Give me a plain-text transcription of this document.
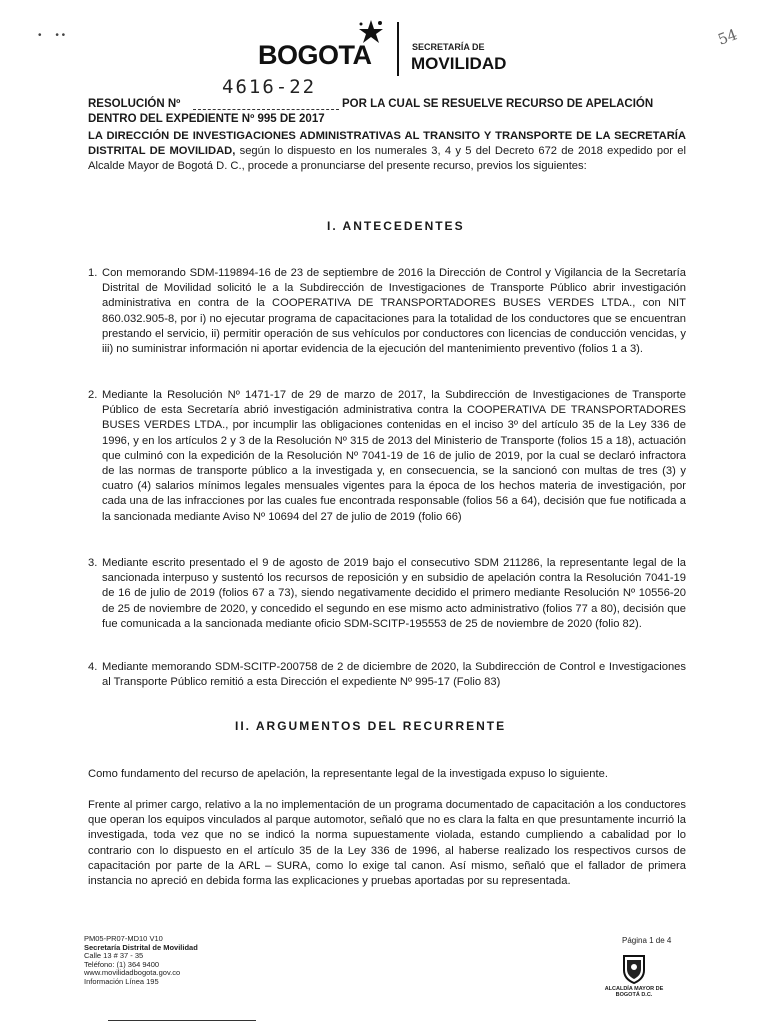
•     • •	54
BOGOTA	SECRETARÍA DE
MOVILIDAD
4616-22
RESOLUCIÓN Nº	POR LA CUAL SE RESUELVE RECURSO DE APELACIÓN
DENTRO DEL EXPEDIENTE Nº 995 DE 2017

LA DIRECCIÓN DE INVESTIGACIONES ADMINISTRATIVAS AL TRANSITO Y TRANSPORTE DE LA SECRETARÍA DISTRITAL DE MOVILIDAD, según lo dispuesto en los numerales 3, 4 y 5 del Decreto 672 de 2018 expedido por el Alcalde Mayor de Bogotá D. C., procede a pronunciarse del presente recurso, previos los siguientes:

I. ANTECEDENTES
1. Con memorando SDM-119894-16 de 23 de septiembre de 2016 la Dirección de Control y Vigilancia de la Secretaría Distrital de Movilidad solicitó le a la Subdirección de Investigaciones de Transporte Público abrir investigación administrativa en contra de la COOPERATIVA DE TRANSPORTADORES BUSES VERDES LTDA., con NIT 860.032.905-8, por i) no ejecutar programa de capacitaciones para la totalidad de los conductores que se encuentran prestando el servicio, ii) permitir operación de sus vehículos por conductores con licencias de conducción vencidas, y iii) no suministrar información ni aportar evidencia de la ejecución del mantenimiento preventivo (folios 1 a 3).
2. Mediante la Resolución Nº 1471-17 de 29 de marzo de 2017, la Subdirección de Investigaciones de Transporte Público de esta Secretaría abrió investigación administrativa contra la COOPERATIVA DE TRANSPORTADORES BUSES VERDES LTDA., por incumplir las obligaciones contenidas en el inciso 3º del artículo 35 de la Ley 336 de 1996, y en los artículos 2 y 3 de la Resolución Nº 315 de 2013 del Ministerio de Transporte (folios 15 a 18), actuación que culminó con la expedición de la Resolución Nº 7041-19 de 16 de julio de 2019, por la cual se declaró infractora de las normas de transporte público a la investigada y, en consecuencia, se la sancionó con multas de tres (3) y cuatro (4) salarios mínimos legales mensuales vigentes para la época de los hechos materia de investigación, por cada una de las infracciones por las cuales fue encontrada responsable (folios 56 a 64), decisión que fue notificada a la sancionada mediante Aviso Nº 10694 del 27 de julio de 2019 (folio 66)
3. Mediante escrito presentado el 9 de agosto de 2019 bajo el consecutivo SDM 211286, la representante legal de la sancionada interpuso y sustentó los recursos de reposición y en subsidio de apelación contra la Resolución 7041-19 de 16 de julio de 2019 (folios 67 a 73), siendo negativamente decidido el primero mediante Resolución Nº 10556-20 de 25 de noviembre de 2020, y concedido el segundo en ese mismo acto administrativo (folios 77 a 80), decisión que fue comunicada a la sancionada mediante oficio SDM-SCITP-195553 de 25 de noviembre de 2020 (folio 82).
4. Mediante memorando SDM-SCITP-200758 de 2 de diciembre de 2020, la Subdirección de Control e Investigaciones al Transporte Público remitió a esta Dirección el expediente Nº 995-17 (Folio 83)
II. ARGUMENTOS DEL RECURRENTE

Como fundamento del recurso de apelación, la representante legal de la investigada expuso lo siguiente.

Frente al primer cargo, relativo a la no implementación de un programa documentado de capacitación a los conductores que operan los equipos vinculados al parque automotor, señaló que no es clara la falta en que presuntamente incurrió la investigada, toda vez que no se indicó la norma supuestamente violada, estando cumpliendo a cabalidad por lo contrario con lo dispuesto en el artículo 35 de la Ley 336 de 1996, al haberse realizado los respectivos cursos de capacitación por parte de la ARL – SURA, como lo exige tal canon. Así mismo, señaló que el fallador de primera instancia no apreció en debida forma las explicaciones y pruebas aportadas por su representada.

PM05-PR07-MD10 V10
Secretaría Distrital de Movilidad
Calle 13 # 37 - 35
Teléfono: (1) 364 9400
www.movilidadbogota.gov.co
Información Línea 195
Página 1 de 4
ALCALDÍA MAYOR DE BOGOTÁ D.C.
